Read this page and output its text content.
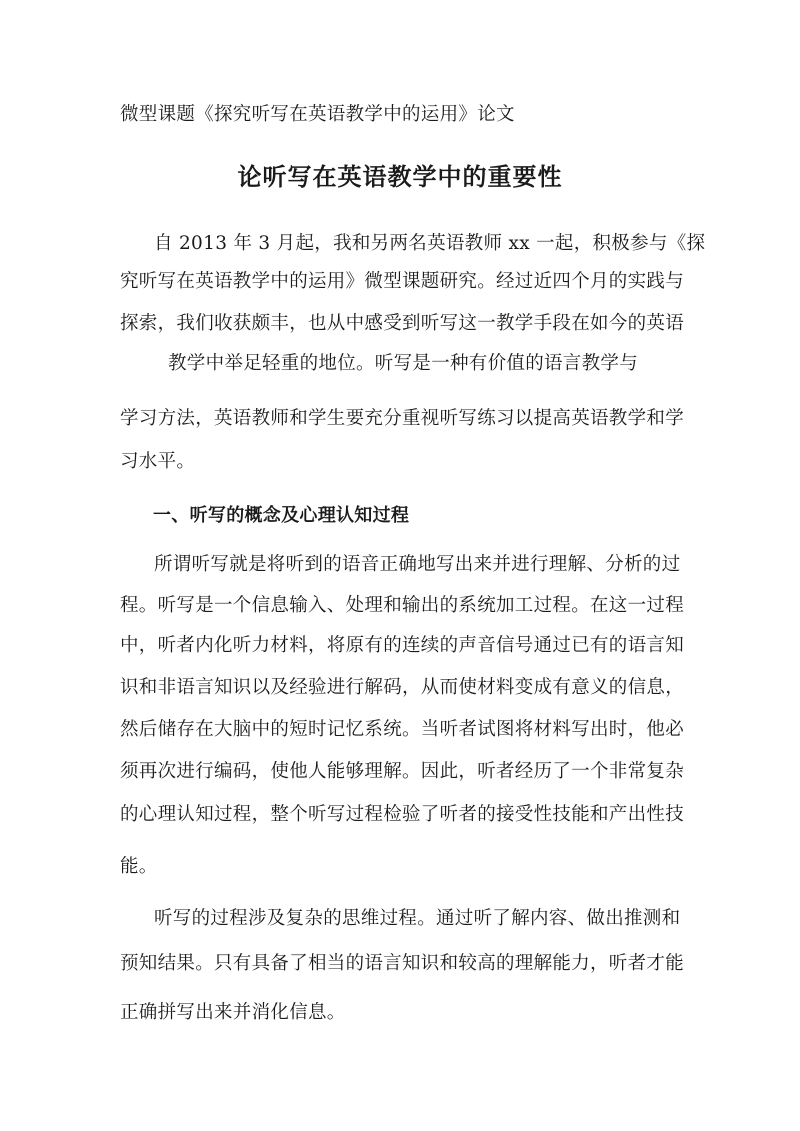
微型课题《探究听写在英语教学中的运用》论文
论听写在英语教学中的重要性
自 2013 年 3 月起，我和另两名英语教师 xx 一起，积极参与《探
究听写在英语教学中的运用》微型课题研究。经过近四个月的实践与
探索，我们收获颇丰，也从中感受到听写这一教学手段在如今的英语
教学中举足轻重的地位。听写是一种有价值的语言教学与
学习方法，英语教师和学生要充分重视听写练习以提高英语教学和学
习水平。
一、听写的概念及心理认知过程
所谓听写就是将听到的语音正确地写出来并进行理解、分析的过
程。听写是一个信息输入、处理和输出的系统加工过程。在这一过程
中，听者内化听力材料，将原有的连续的声音信号通过已有的语言知
识和非语言知识以及经验进行解码，从而使材料变成有意义的信息，
然后储存在大脑中的短时记忆系统。当听者试图将材料写出时，他必
须再次进行编码，使他人能够理解。因此，听者经历了一个非常复杂
的心理认知过程，整个听写过程检验了听者的接受性技能和产出性技
能。
听写的过程涉及复杂的思维过程。通过听了解内容、做出推测和
预知结果。只有具备了相当的语言知识和较高的理解能力，听者才能
正确拼写出来并消化信息。
